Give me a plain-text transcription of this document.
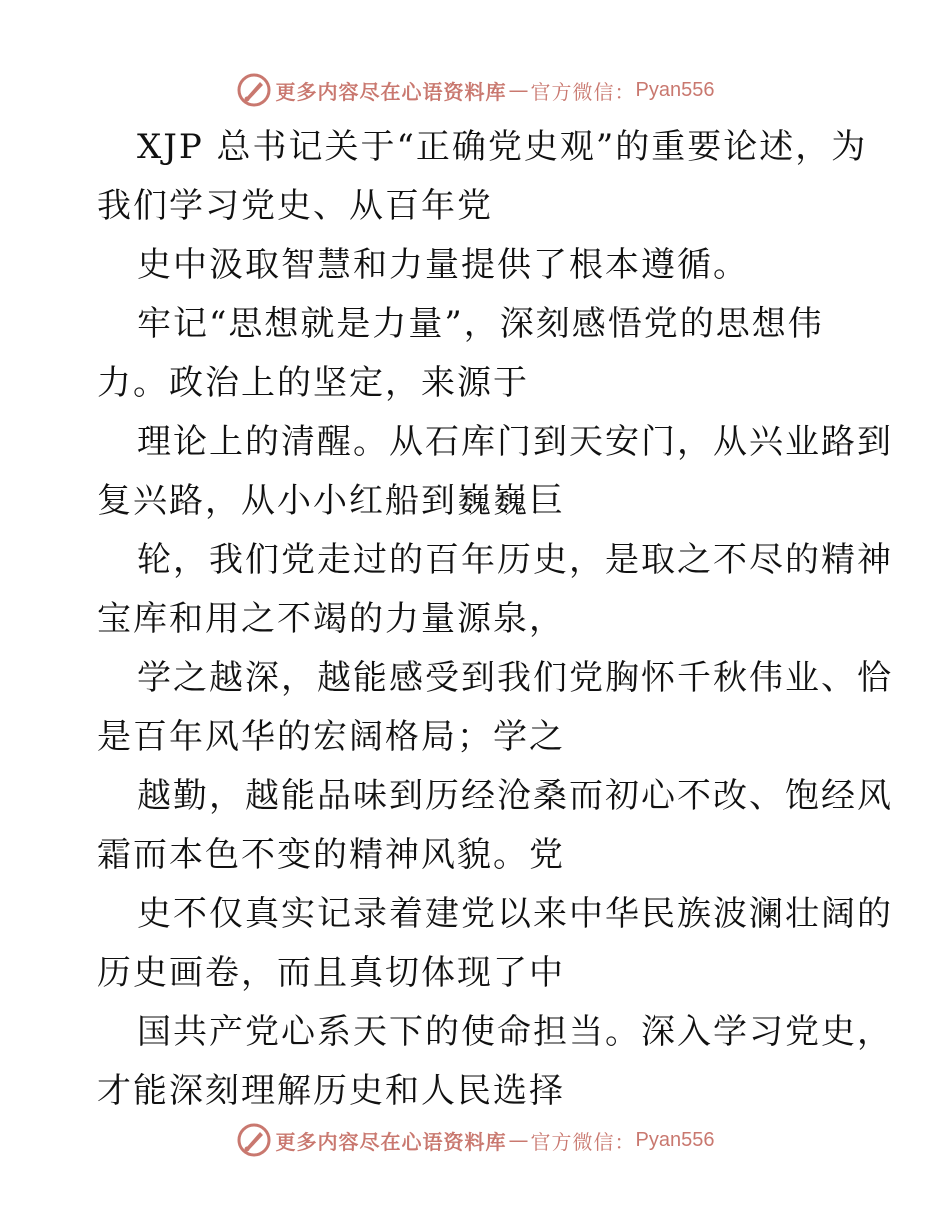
更多内容尽在心语资料库 — 官方微信： Pyan556
XJP 总书记关于“正确党史观”的重要论述，为
我们学习党史、从百年党
史中汲取智慧和力量提供了根本遵循。
牢记“思想就是力量”，深刻感悟党的思想伟
力。政治上的坚定，来源于
理论上的清醒。从石库门到天安门，从兴业路到
复兴路，从小小红船到巍巍巨
轮，我们党走过的百年历史，是取之不尽的精神
宝库和用之不竭的力量源泉，
学之越深，越能感受到我们党胸怀千秋伟业、恰
是百年风华的宏阔格局；学之
越勤，越能品味到历经沧桑而初心不改、饱经风
霜而本色不变的精神风貌。党
史不仅真实记录着建党以来中华民族波澜壮阔的
历史画卷，而且真切体现了中
国共产党心系天下的使命担当。深入学习党史，
才能深刻理解历史和人民选择
更多内容尽在心语资料库 — 官方微信： Pyan556
